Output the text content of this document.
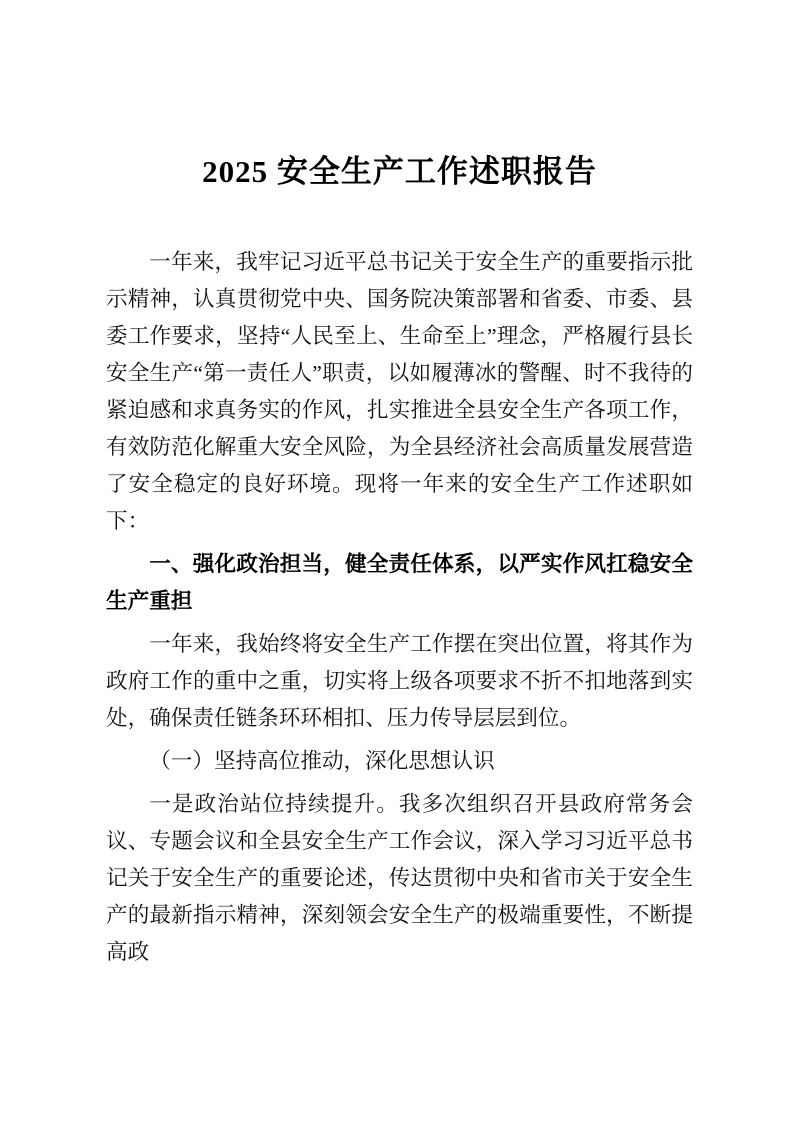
2025 安全生产工作述职报告

一年来，我牢记习近平总书记关于安全生产的重要指示批示精神，认真贯彻党中央、国务院决策部署和省委、市委、县委工作要求，坚持“人民至上、生命至上”理念，严格履行县长安全生产“第一责任人”职责，以如履薄冰的警醒、时不我待的紧迫感和求真务实的作风，扎实推进全县安全生产各项工作，有效防范化解重大安全风险，为全县经济社会高质量发展营造了安全稳定的良好环境。现将一年来的安全生产工作述职如下：

一、强化政治担当，健全责任体系，以严实作风扛稳安全生产重担

一年来，我始终将安全生产工作摆在突出位置，将其作为政府工作的重中之重，切实将上级各项要求不折不扣地落到实处，确保责任链条环环相扣、压力传导层层到位。

（一）坚持高位推动，深化思想认识

一是政治站位持续提升。我多次组织召开县政府常务会议、专题会议和全县安全生产工作会议，深入学习习近平总书记关于安全生产的重要论述，传达贯彻中央和省市关于安全生产的最新指示精神，深刻领会安全生产的极端重要性，不断提高政
